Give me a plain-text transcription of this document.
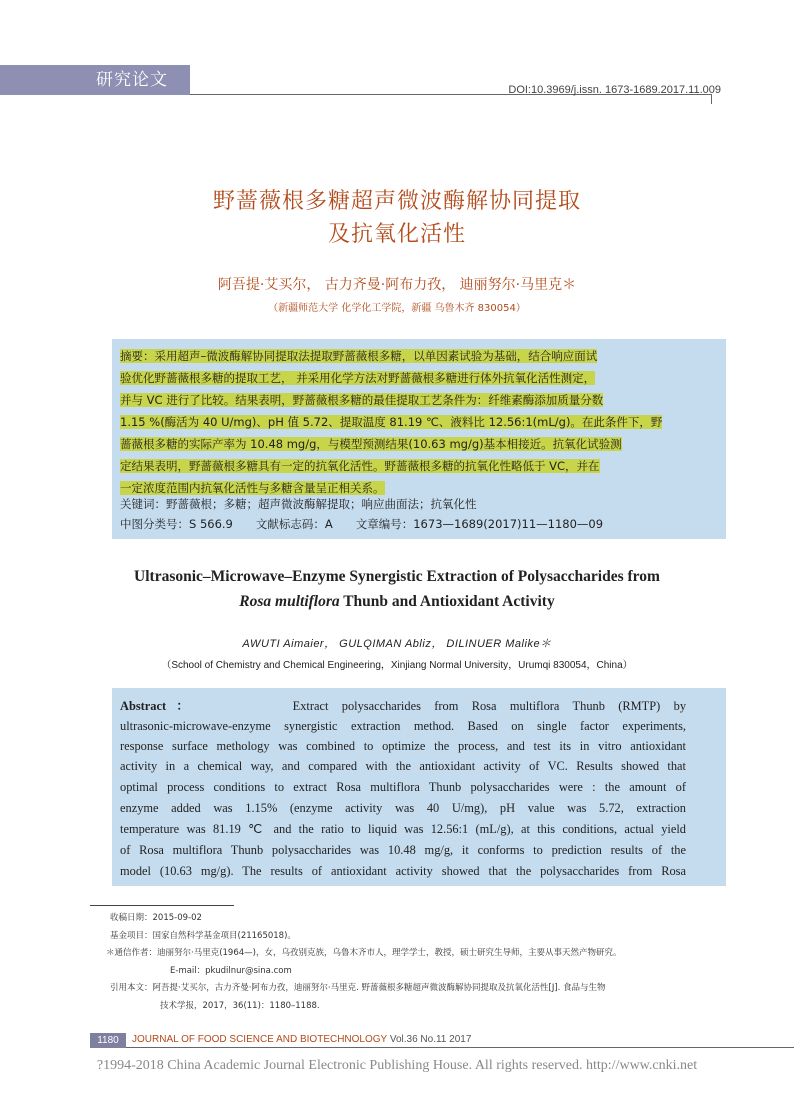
研究论文	DOI:10.3969/j.issn. 1673-1689.2017.11.009
野蔷薇根多糖超声微波酶解协同提取
及抗氧化活性
阿吾提·艾买尔， 古力齐曼·阿布力孜， 迪丽努尔·马里克＊
（新疆师范大学 化学化工学院，新疆 乌鲁木齐 830054）
摘要：采用超声–微波酶解协同提取法提取野蔷薇根多糖，以单因素试验为基础，结合响应面试
验优化野蔷薇根多糖的提取工艺， 并采用化学方法对野蔷薇根多糖进行体外抗氧化活性测定，
并与 VC 进行了比较。结果表明，野蔷薇根多糖的最佳提取工艺条件为：纤维素酶添加质量分数
1.15 %(酶活为 40 U/mg)、pH 值 5.72、提取温度 81.19 ℃、液料比 12.56:1(mL/g)。在此条件下，野
蔷薇根多糖的实际产率为 10.48 mg/g，与模型预测结果(10.63 mg/g)基本相接近。抗氧化试验测
定结果表明，野蔷薇根多糖具有一定的抗氧化活性。野蔷薇根多糖的抗氧化性略低于 VC，并在
一定浓度范围内抗氧化活性与多糖含量呈正相关系。
关键词：野蔷薇根；多糖；超声微波酶解提取；响应曲面法；抗氧化性
中图分类号：S 566.9　　文献标志码：A　　文章编号：1673—1689(2017)11—1180—09
Ultrasonic–Microwave–Enzyme Synergistic Extraction of Polysaccharides from
Rosa multiflora Thunb and Antioxidant Activity
AWUTI Aimaier， GULQIMAN Abliz， DILINUER Malike＊
（School of Chemistry and Chemical Engineering，Xinjiang Normal University，Urumqi 830054，China）
Abstract：	Extract polysaccharides from Rosa multiflora Thunb (RMTP) by
ultrasonic-microwave-enzyme synergistic extraction method. Based on single factor experiments,
response surface methology was combined to optimize the process, and test its in vitro antioxidant
activity in a chemical way, and compared with the antioxidant activity of VC. Results showed that
optimal process conditions to extract Rosa multiflora Thunb polysaccharides were : the amount of
enzyme added was 1.15% (enzyme activity was 40 U/mg), pH value was 5.72, extraction
temperature was 81.19 ℃ and the ratio to liquid was 12.56:1 (mL/g), at this conditions, actual yield
of Rosa multiflora Thunb polysaccharides was 10.48 mg/g, it conforms to prediction results of the
model (10.63 mg/g). The results of antioxidant activity showed that the polysaccharides from Rosa
收稿日期：2015-09-02
基金项目：国家自然科学基金项目(21165018)。
＊通信作者：迪丽努尔·马里克(1964—)，女，乌孜别克族，乌鲁木齐市人，理学学士，教授，硕士研究生导师，主要从事天然产物研究。
E-mail：pkudilnur@sina.com
引用本文：阿吾提·艾买尔，古力齐曼·阿布力孜，迪丽努尔·马里克. 野蔷薇根多糖超声微波酶解协同提取及抗氧化活性[J]. 食品与生物
技术学报，2017，36(11)：1180–1188.
1180	JOURNAL OF FOOD SCIENCE AND BIOTECHNOLOGY Vol.36 No.11 2017
?1994-2018 China Academic Journal Electronic Publishing House. All rights reserved. http://www.cnki.net
